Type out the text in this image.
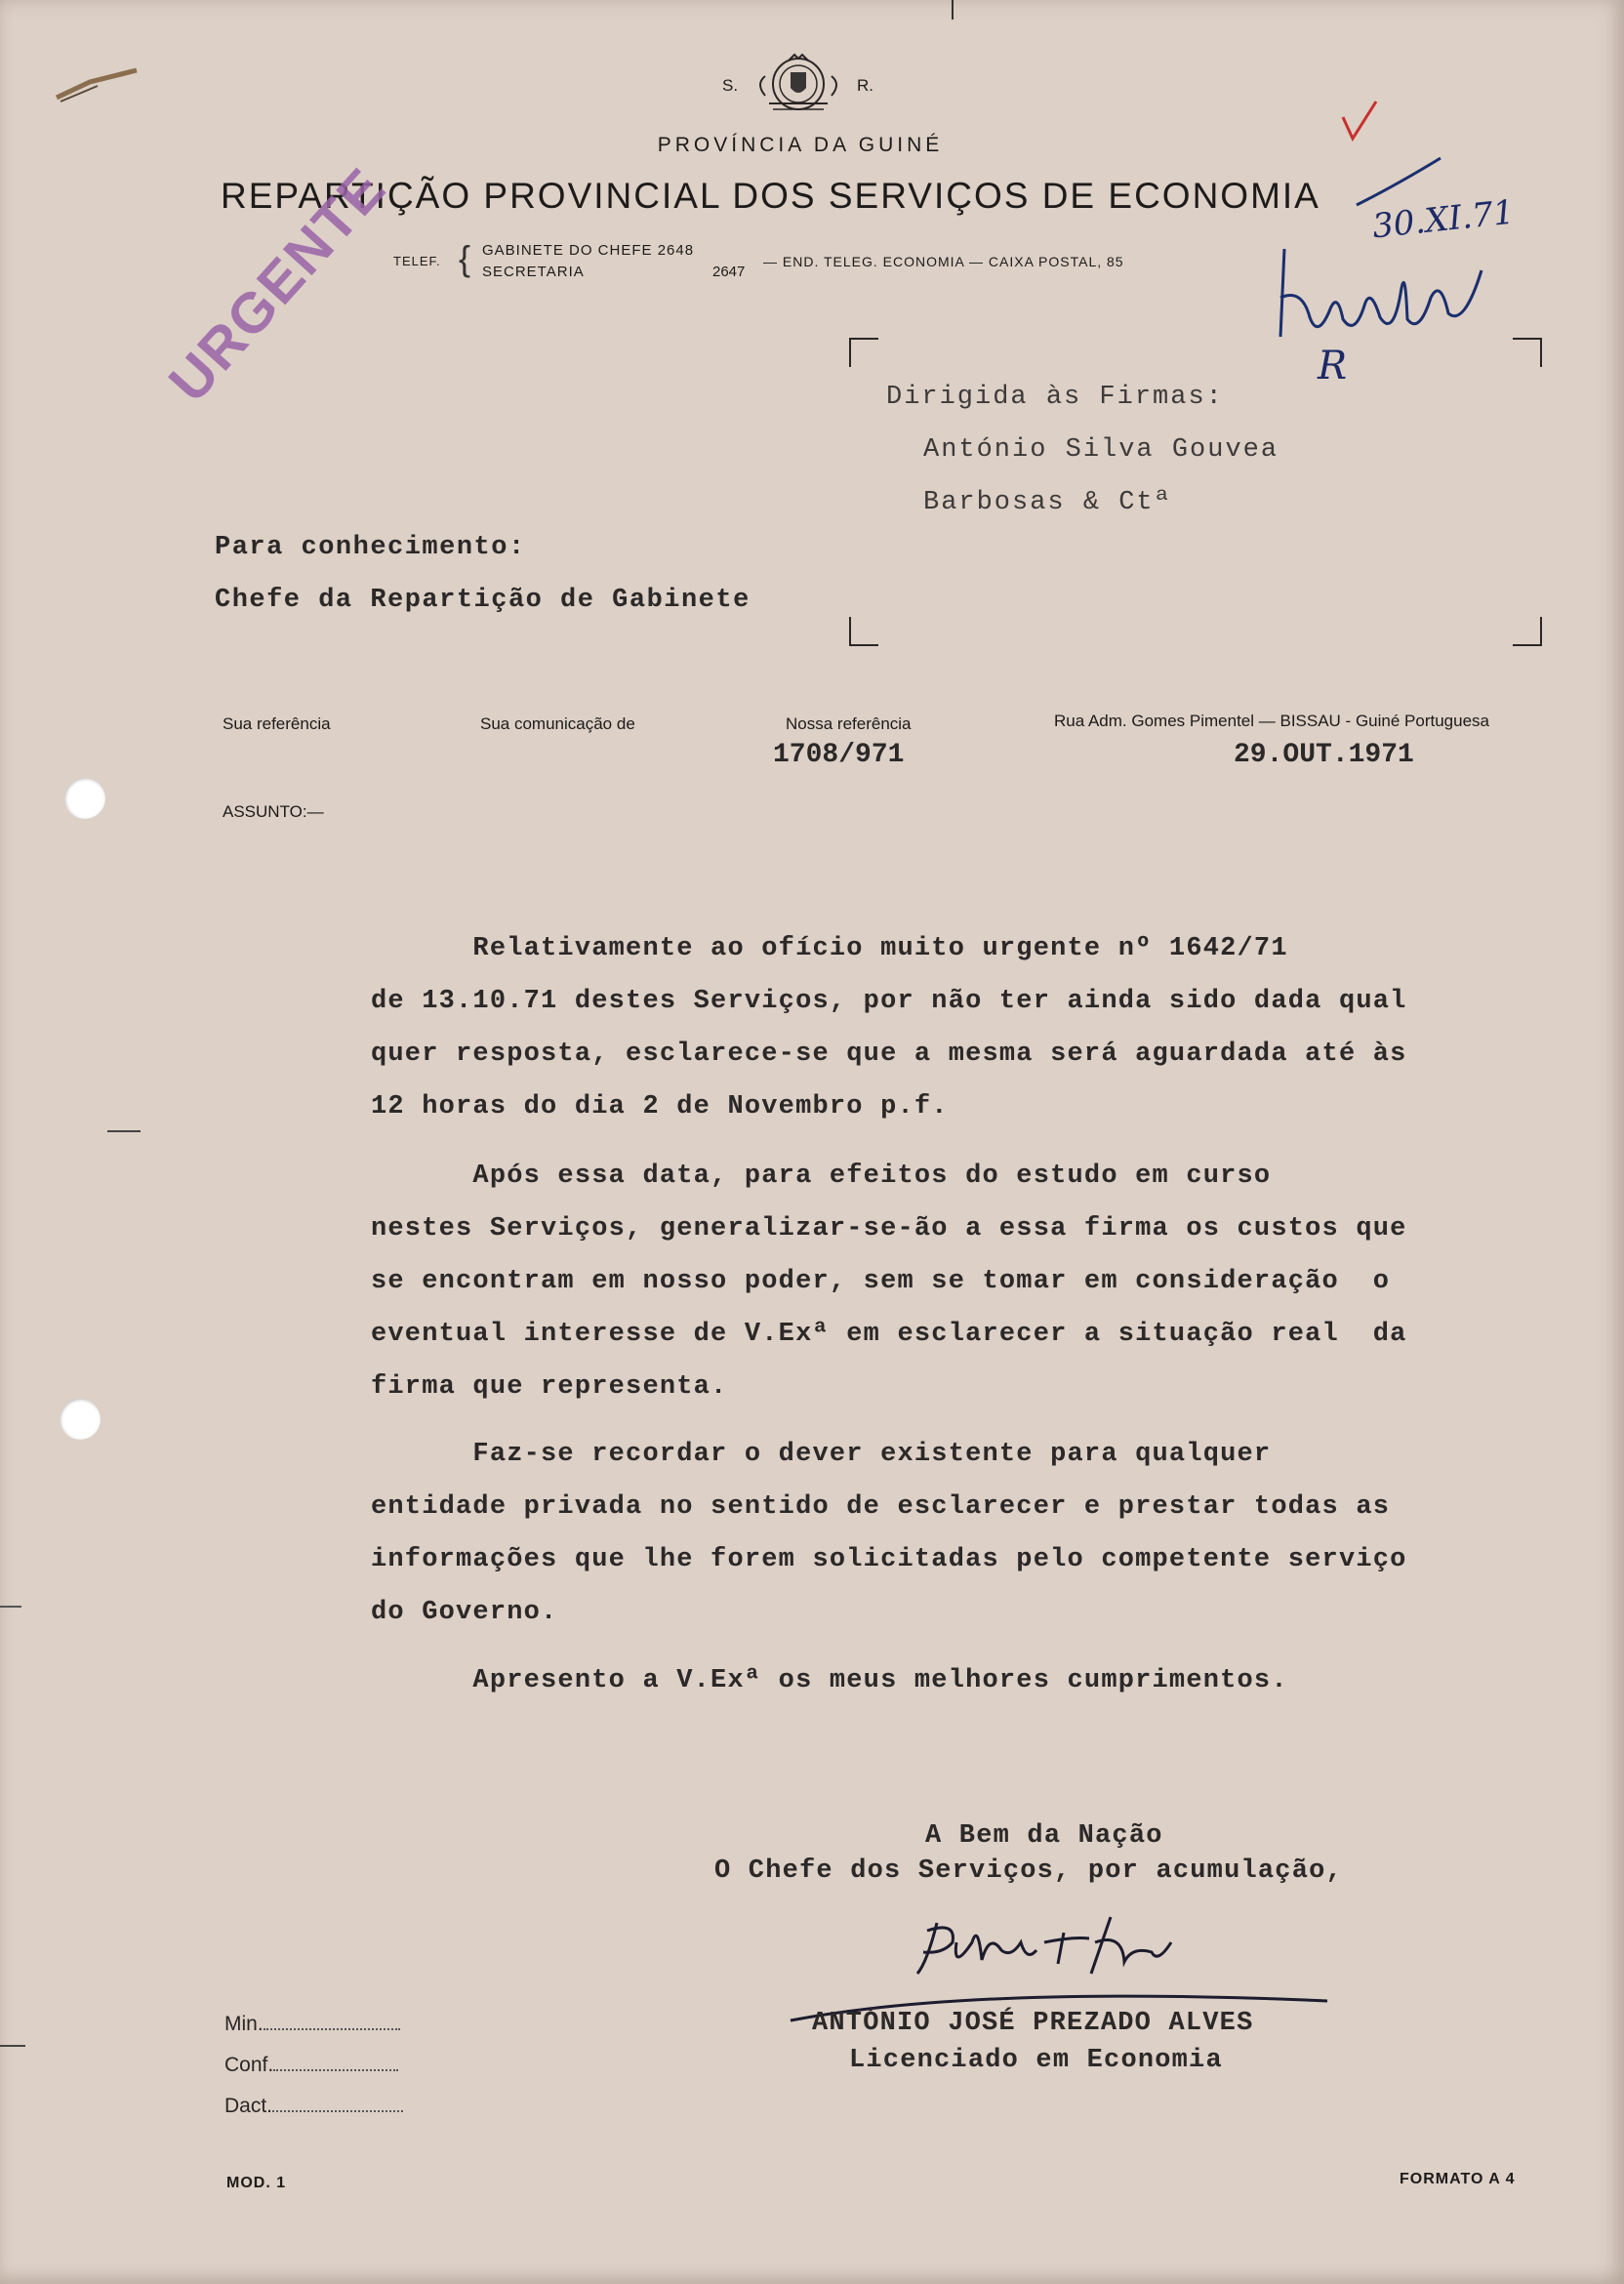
S.	R.
PROVÍNCIA DA GUINÉ
REPARTIÇÃO PROVINCIAL DOS SERVIÇOS DE ECONOMIA
TELEF. { GABINETE DO CHEFE 2648
SECRETARIA	2647
— END. TELEG. ECONOMIA — CAIXA POSTAL, 85
30.XI.71
R
URGENTE	Dirigida às Firmas:
António Silva Gouvea
Barbosas & Ctª
Para conhecimento:
Chefe da Repartição de Gabinete
Sua referência	Sua comunicação de	Nossa referência
1708/971
Rua Adm. Gomes Pimentel — BISSAU - Guiné Portuguesa
29.OUT.1971
ASSUNTO:—
Relativamente ao ofício muito urgente nº 1642/71
de 13.10.71 destes Serviços, por não ter ainda sido dada qual
quer resposta, esclarece-se que a mesma será aguardada até às
12 horas do dia 2 de Novembro p.f.
Após essa data, para efeitos do estudo em curso
nestes Serviços, generalizar-se-ão a essa firma os custos que
se encontram em nosso poder, sem se tomar em consideração  o
eventual interesse de V.Exª em esclarecer a situação real  da
firma que representa.
Faz-se recordar o dever existente para qualquer
entidade privada no sentido de esclarecer e prestar todas as
informações que lhe forem solicitadas pelo competente serviço
do Governo.
Apresento a V.Exª os meus melhores cumprimentos.
A Bem da Nação
O Chefe dos Serviços, por acumulação,
ANTÓNIO JOSÉ PREZADO ALVES
Licenciado em Economia
Min.
Conf.
Dact.
MOD. 1	FORMATO A 4
